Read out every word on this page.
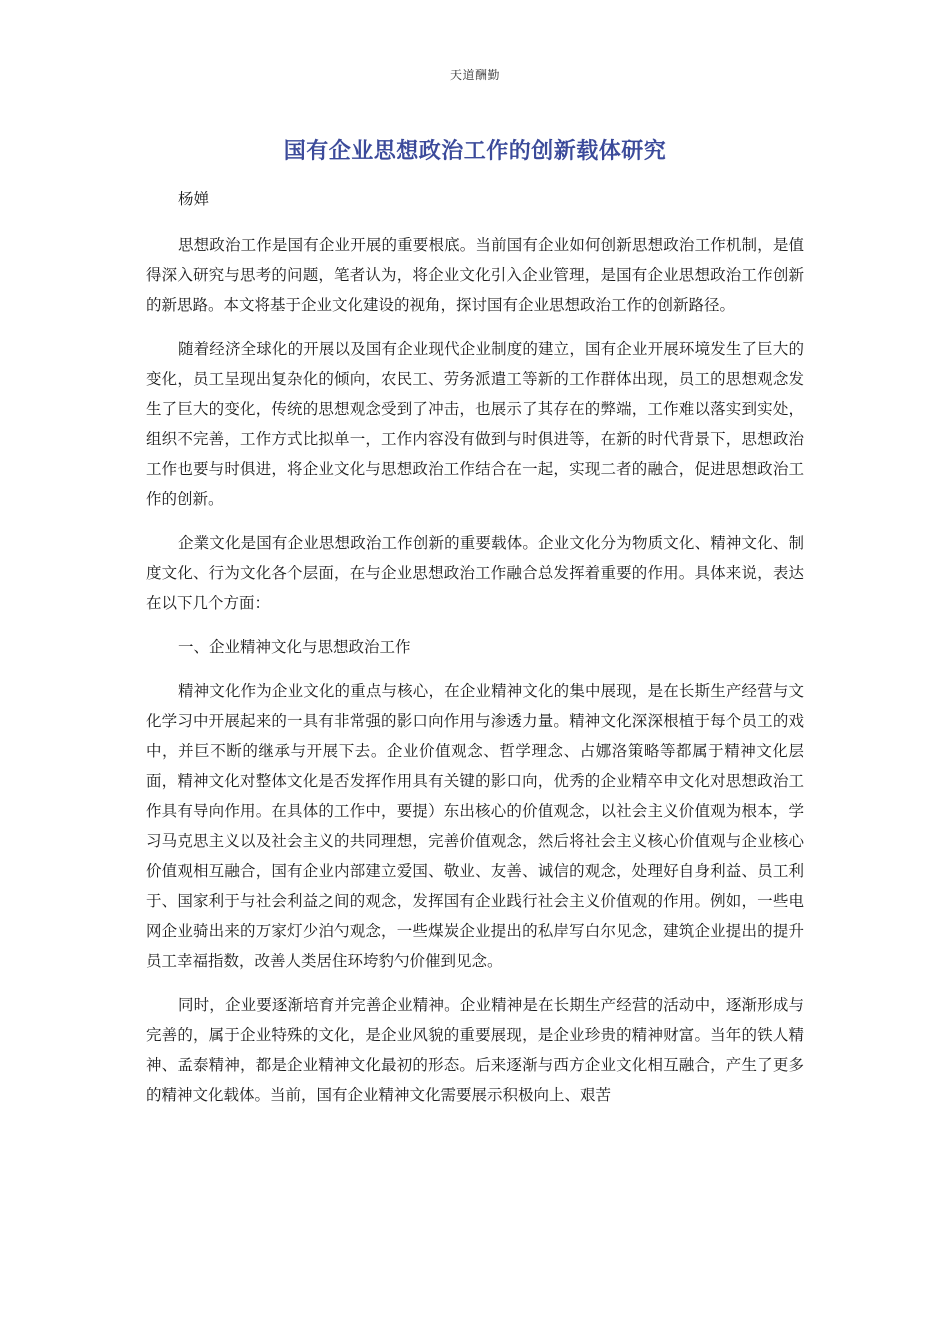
天道酬勤
国有企业思想政治工作的创新载体研究
杨婵

思想政治工作是国有企业开展的重要根底。当前国有企业如何创新思想政治工作机制，是值得深入研究与思考的问题，笔者认为，将企业文化引入企业管理，是国有企业思想政治工作创新的新思路。本文将基于企业文化建设的视角，探讨国有企业思想政治工作的创新路径。

随着经济全球化的开展以及国有企业现代企业制度的建立，国有企业开展环境发生了巨大的变化，员工呈现出复杂化的倾向，农民工、劳务派遣工等新的工作群体出现，员工的思想观念发生了巨大的变化，传统的思想观念受到了冲击，也展示了其存在的弊端，工作难以落实到实处，组织不完善，工作方式比拟单一，工作内容没有做到与时俱进等，在新的时代背景下，思想政治工作也要与时俱进，将企业文化与思想政治工作结合在一起，实现二者的融合，促进思想政治工作的创新。

企業文化是国有企业思想政治工作创新的重要载体。企业文化分为物质文化、精神文化、制度文化、行为文化各个层面，在与企业思想政治工作融合总发挥着重要的作用。具体来说，表达在以下几个方面：

一、企业精神文化与思想政治工作

精神文化作为企业文化的重点与核心，在企业精神文化的集中展现，是在长斯生产经营与文化学习中开展起来的一具有非常强的影口向作用与渗透力量。精神文化深深根植于每个员工的戏中，并巨不断的继承与开展下去。企业价值观念、哲学理念、占娜洛策略等都属于精神文化层面，精神文化对整体文化是否发挥作用具有关键的影口向，优秀的企业精卒申文化对思想政治工作具有导向作用。在具体的工作中，要提）东出核心的价值观念，以社会主义价值观为根本，学习马克思主义以及社会主义的共同理想，完善价值观念，然后将社会主义核心价值观与企业核心价值观相互融合，国有企业内部建立爱国、敬业、友善、诚信的观念，处理好自身利益、员工利于、国家利于与社会利益之间的观念，发挥国有企业践行社会主义价值观的作用。例如，一些电网企业骑出来的万家灯少泊勺观念，一些煤炭企业提出的私岸写白尔见念，建筑企业提出的提升员工幸福指数，改善人类居住环垮豹勺价催到见念。

同时，企业要逐渐培育并完善企业精神。企业精神是在长期生产经营的活动中，逐渐形成与完善的，属于企业特殊的文化，是企业风貌的重要展现，是企业珍贵的精神财富。当年的铁人精神、孟泰精神，都是企业精神文化最初的形态。后来逐渐与西方企业文化相互融合，产生了更多的精神文化载体。当前，国有企业精神文化需要展示积极向上、艰苦
